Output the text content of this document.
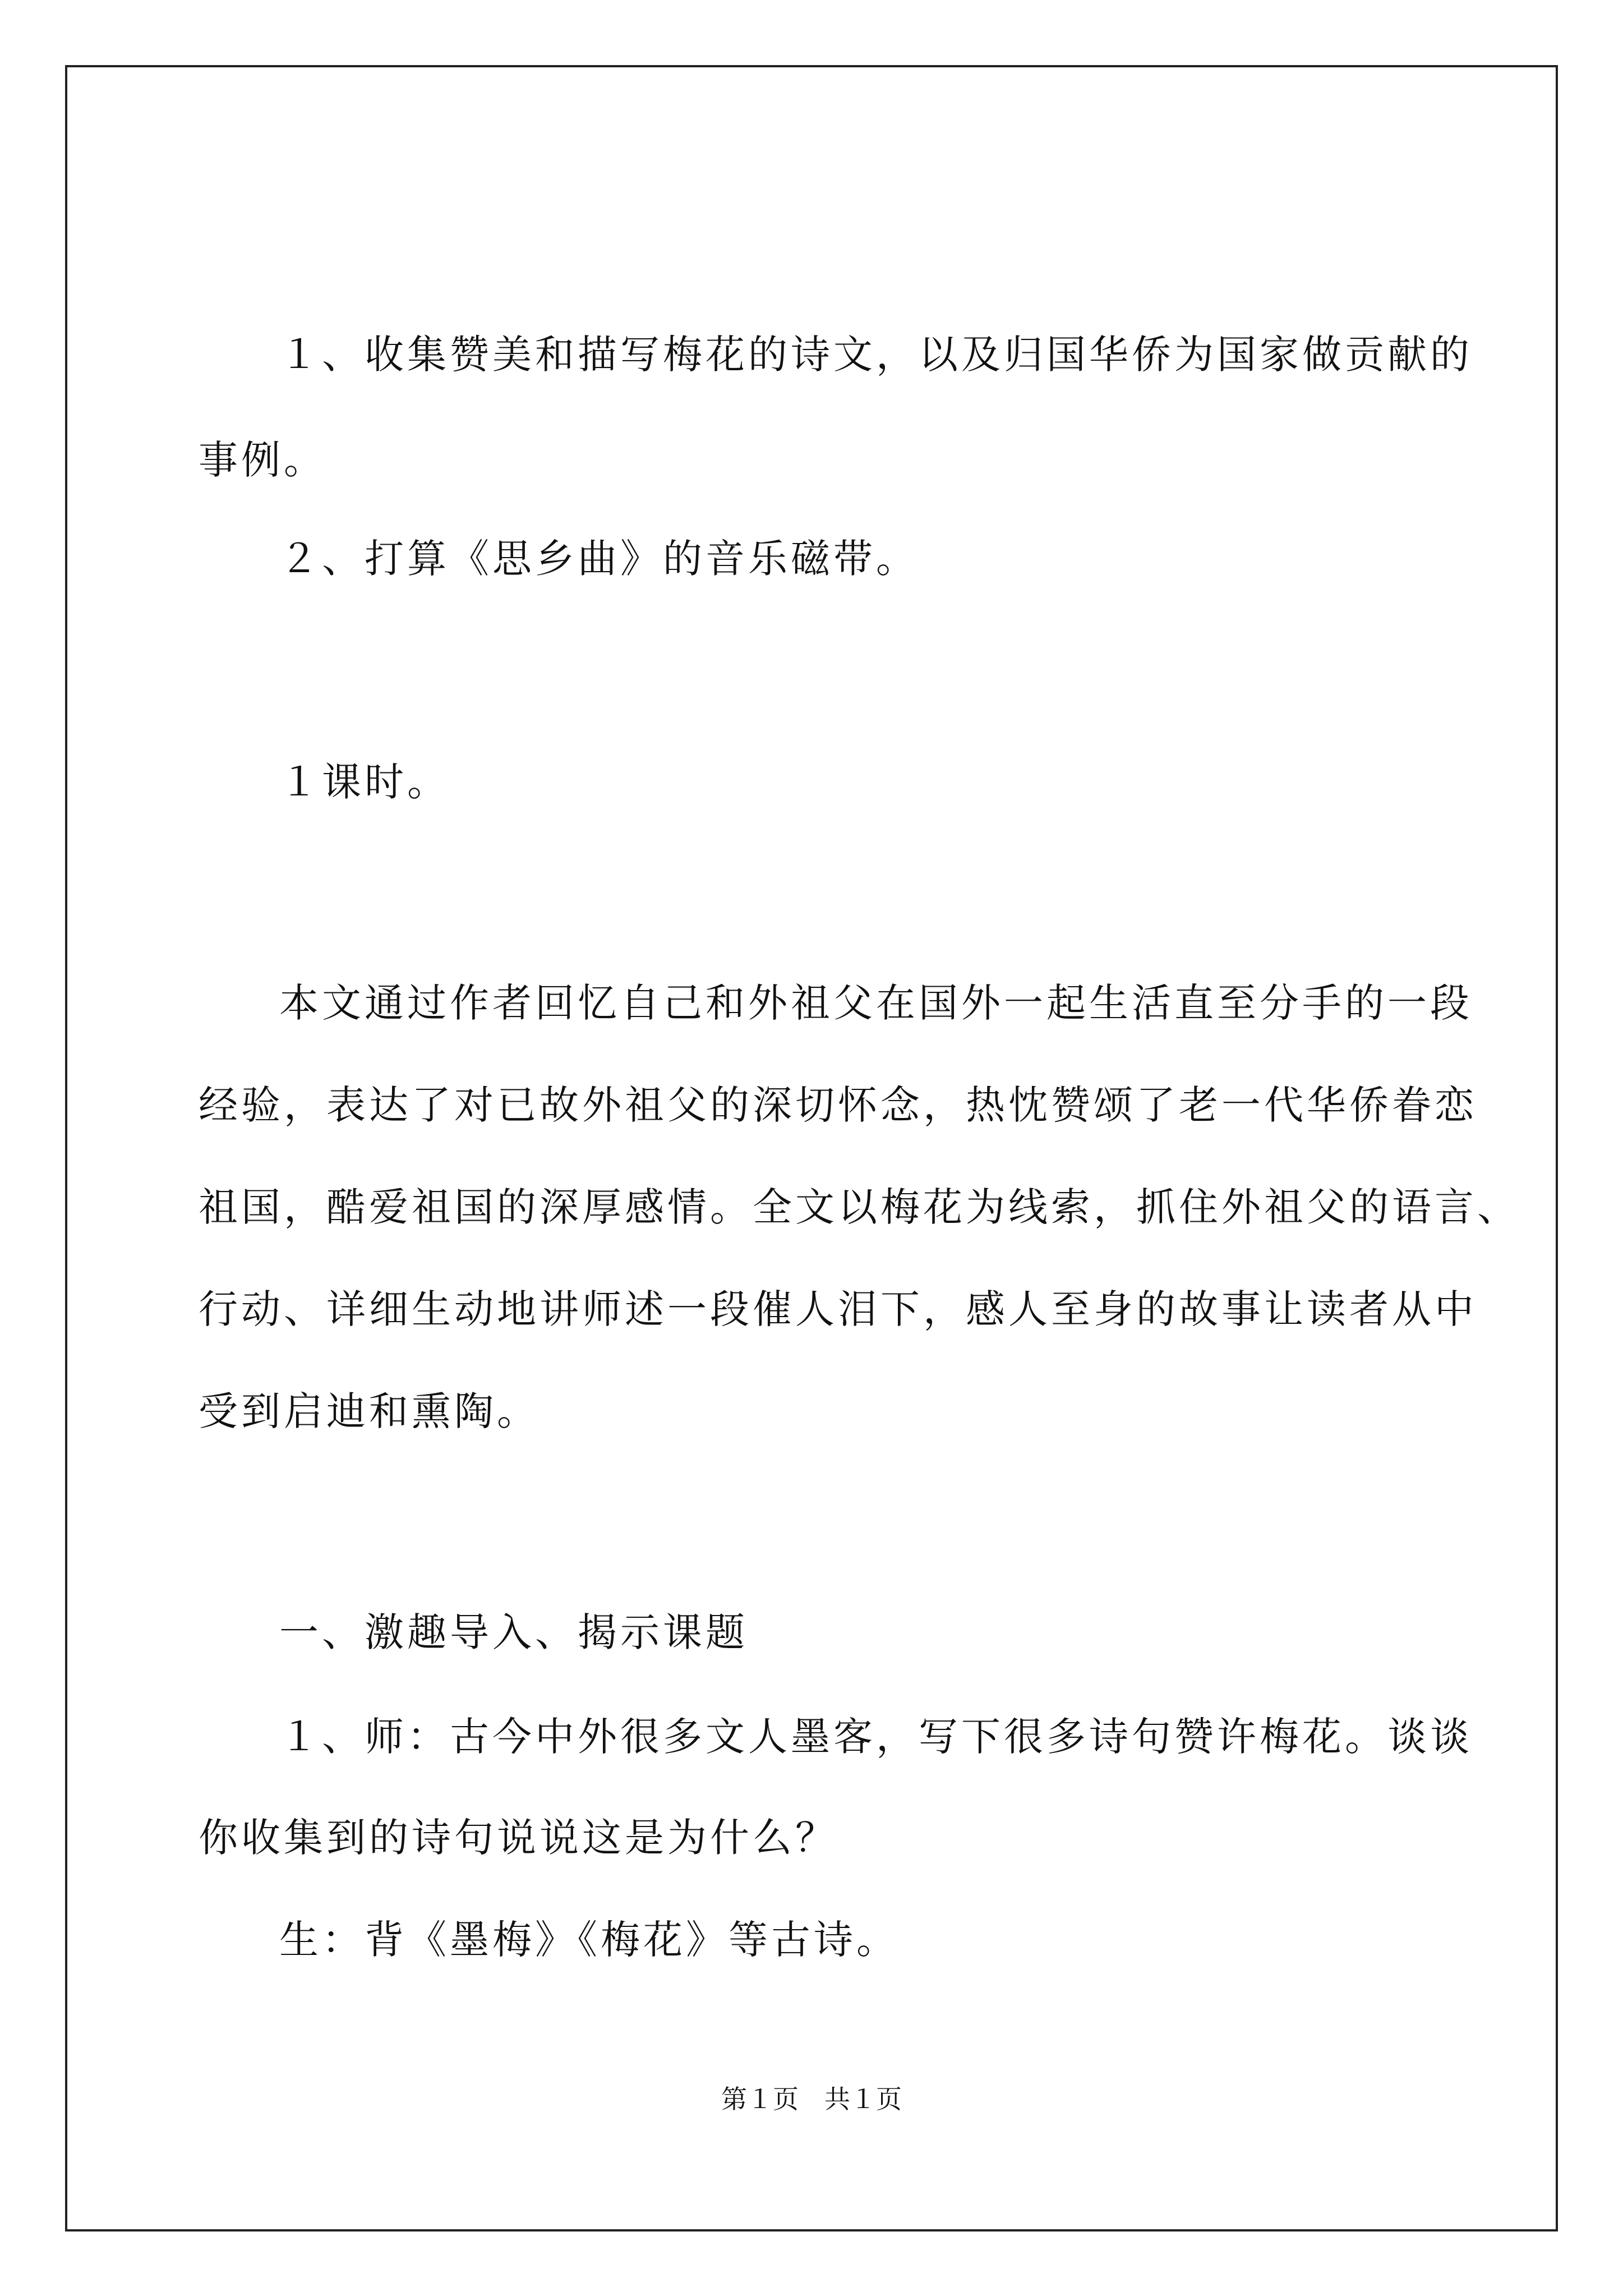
１、收集赞美和描写梅花的诗文，以及归国华侨为国家做贡献的
事例。
２、打算《思乡曲》的音乐磁带。
１课时。
本文通过作者回忆自己和外祖父在国外一起生活直至分手的一段
经验，表达了对已故外祖父的深切怀念，热忱赞颂了老一代华侨眷恋
祖国，酷爱祖国的深厚感情。全文以梅花为线索，抓住外祖父的语言、
行动、详细生动地讲师述一段催人泪下，感人至身的故事让读者从中
受到启迪和熏陶。
一、激趣导入、揭示课题
１、师：古今中外很多文人墨客，写下很多诗句赞许梅花。谈谈
你收集到的诗句说说这是为什么？
生：背《墨梅》《梅花》等古诗。
第１页　共１页
